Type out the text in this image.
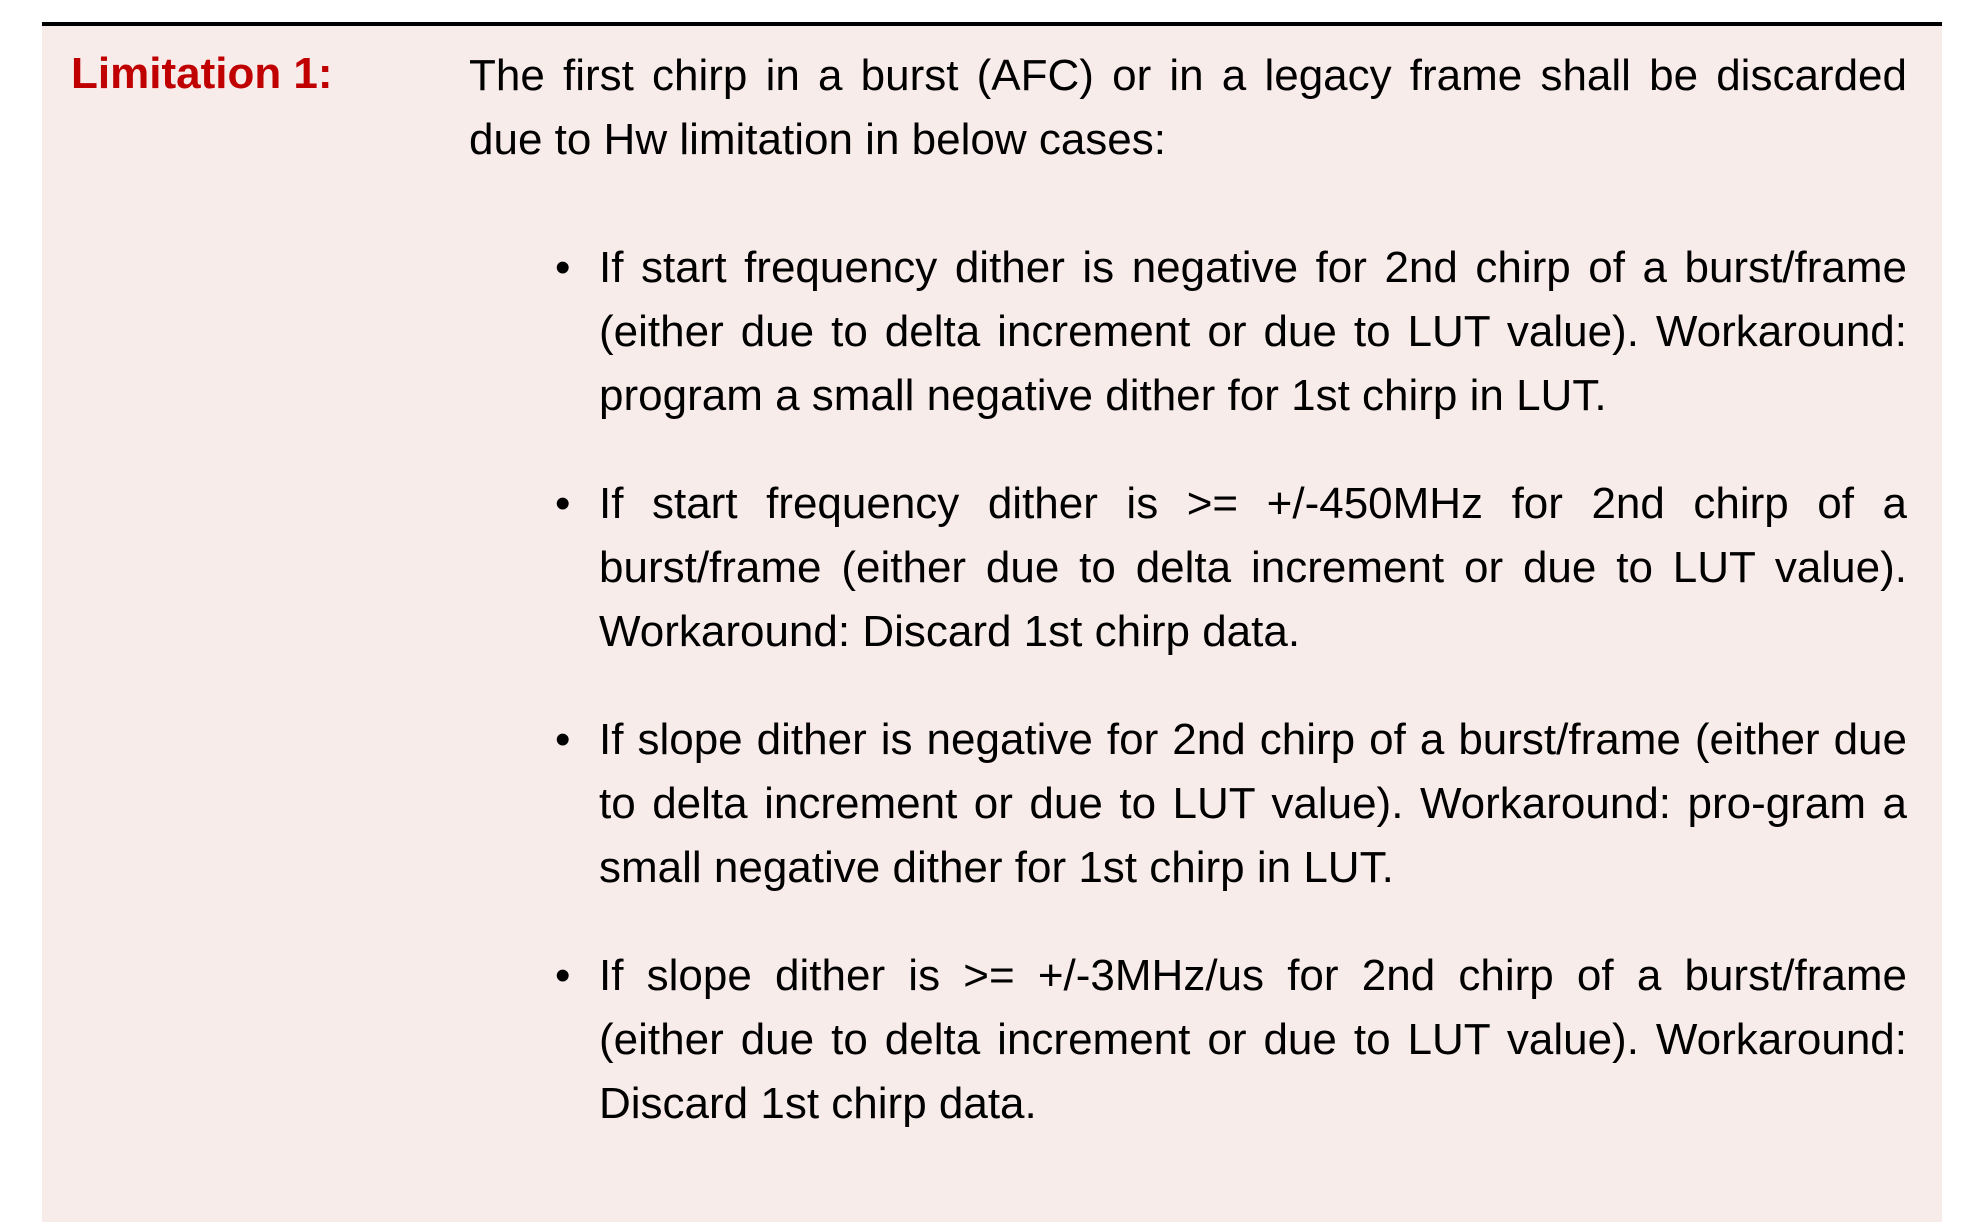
Limitation 1:	The first chirp in a burst (AFC) or in a legacy frame shall be discarded due to Hw limitation in below cases:
• If start frequency dither is negative for 2nd chirp of a burst/frame (either due to delta increment or due to LUT value). Workaround: program a small negative dither for 1st chirp in LUT.
• If start frequency dither is >= +/-450MHz for 2nd chirp of a burst/frame (either due to delta increment or due to LUT value). Workaround: Discard 1st chirp data.
• If slope dither is negative for 2nd chirp of a burst/frame (either due to delta increment or due to LUT value). Workaround: pro-gram a small negative dither for 1st chirp in LUT.
• If slope dither is >= +/-3MHz/us for 2nd chirp of a burst/frame (either due to delta increment or due to LUT value). Workaround: Discard 1st chirp data.
